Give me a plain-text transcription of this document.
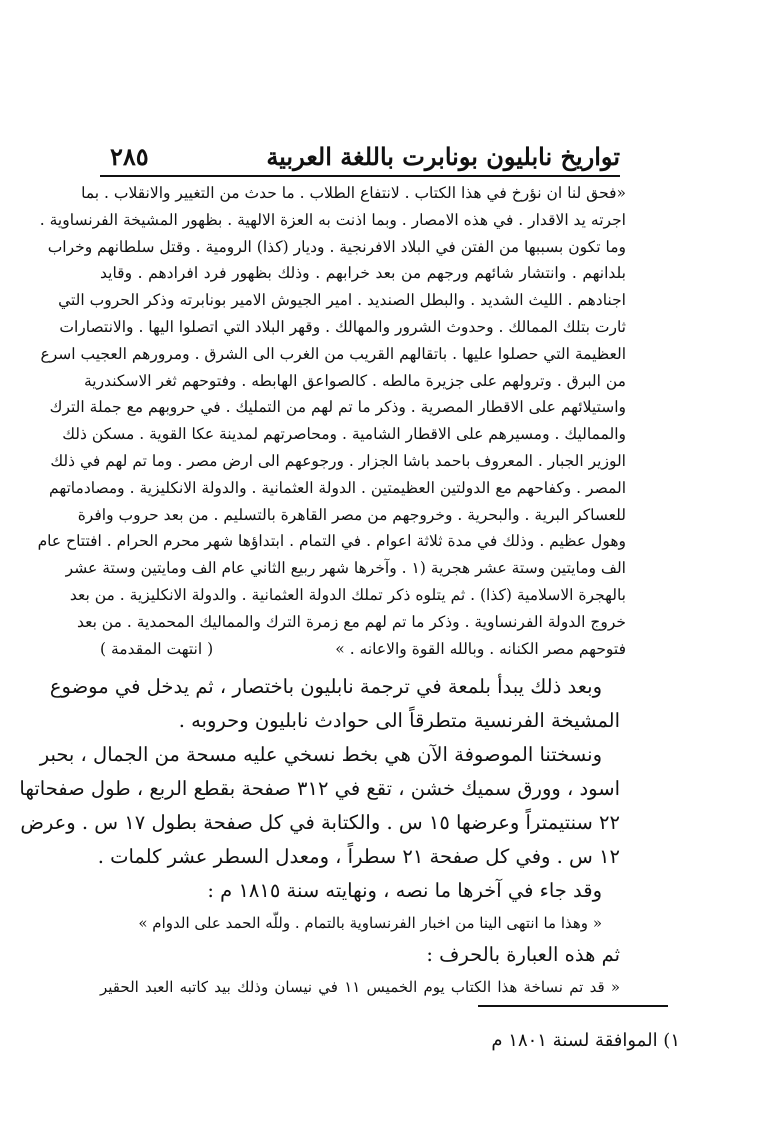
تواريخ نابليون بونابرت باللغة العربية
٢٨٥
«فحق لنا ان نؤرخ في هذا الكتاب . لانتفاع الطلاب . ما حدث من التغيير والانقلاب . بما
اجرته يد الاقدار . في هذه الامصار . وبما اذنت به العزة الالهية . بظهور المشيخة الفرنساوية .
وما تكون بسببها من الفتن في البلاد الافرنجية . وديار (كذا) الرومية . وقتل سلطانهم وخراب
بلدانهم . وانتشار شائهم ورجهم من بعد خرابهم . وذلك بظهور فرد افرادهم . وقايد
اجنادهم . الليث الشديد . والبطل الصنديد . امير الجيوش الامير بونابرته وذكر الحروب التي
ثارت بتلك الممالك . وحدوث الشرور والمهالك . وقهر البلاد التي اتصلوا اليها . والانتصارات
العظيمة التي حصلوا عليها . باتقالهم القريب من الغرب الى الشرق . ومرورهم العجيب اسرع
من البرق . وترولهم على جزيرة مالطه . كالصواعق الهابطه . وفتوحهم ثغر الاسكندرية
واستيلائهم على الاقطار المصرية . وذكر ما تم لهم من التمليك . في حروبهم مع جملة الترك
والمماليك . ومسيرهم على الاقطار الشامية . ومحاصرتهم لمدينة عكا القوية . مسكن ذلك
الوزير الجبار . المعروف باحمد باشا الجزار . ورجوعهم الى ارض مصر . وما تم لهم في ذلك
المصر . وكفاحهم مع الدولتين العظيمتين . الدولة العثمانية . والدولة الانكليزية . ومصادماتهم
للعساكر البرية . والبحرية . وخروجهم من مصر القاهرة بالتسليم . من بعد حروب وافرة
وهول عظيم . وذلك في مدة ثلاثة اعوام . في التمام . ابتداؤها شهر محرم الحرام . افتتاح عام
الف ومايتين وستة عشر هجرية (١ . وآخرها شهر ربيع الثاني عام الف ومايتين وستة عشر
بالهجرة الاسلامية (كذا) . ثم يتلوه ذكر تملك الدولة العثمانية . والدولة الانكليزية . من بعد
خروج الدولة الفرنساوية . وذكر ما تم لهم مع زمرة الترك والمماليك المحمدية . من بعد
فتوحهم مصر الكنانه . وبالله القوة والاعانه . »
( انتهت المقدمة )
وبعد ذلك يبدأ بلمعة في ترجمة نابليون باختصار ، ثم يدخل في موضوع
المشيخة الفرنسية متطرقاً الى حوادث نابليون وحروبه .
ونسختنا الموصوفة الآن هي بخط نسخي عليه مسحة من الجمال ، بحبر
اسود ، وورق سميك خشن ، تقع في ٣١٢ صفحة بقطع الربع ، طول صفحاتها
٢٢ سنتيمتراً وعرضها ١٥ س . والكتابة في كل صفحة بطول ١٧ س . وعرض
١٢ س . وفي كل صفحة ٢١ سطراً ، ومعدل السطر عشر كلمات .
وقد جاء في آخرها ما نصه ، ونهايته سنة ١٨١٥ م :
« وهذا ما انتهى الينا من اخبار الفرنساوية بالتمام . وللّه الحمد على الدوام »
ثم هذه العبارة بالحرف :
« قد تم نساخة هذا الكتاب يوم الخميس ١١ في نيسان وذلك بيد كاتبه العبد الحقير
١) الموافقة لسنة ١٨٠١ م
